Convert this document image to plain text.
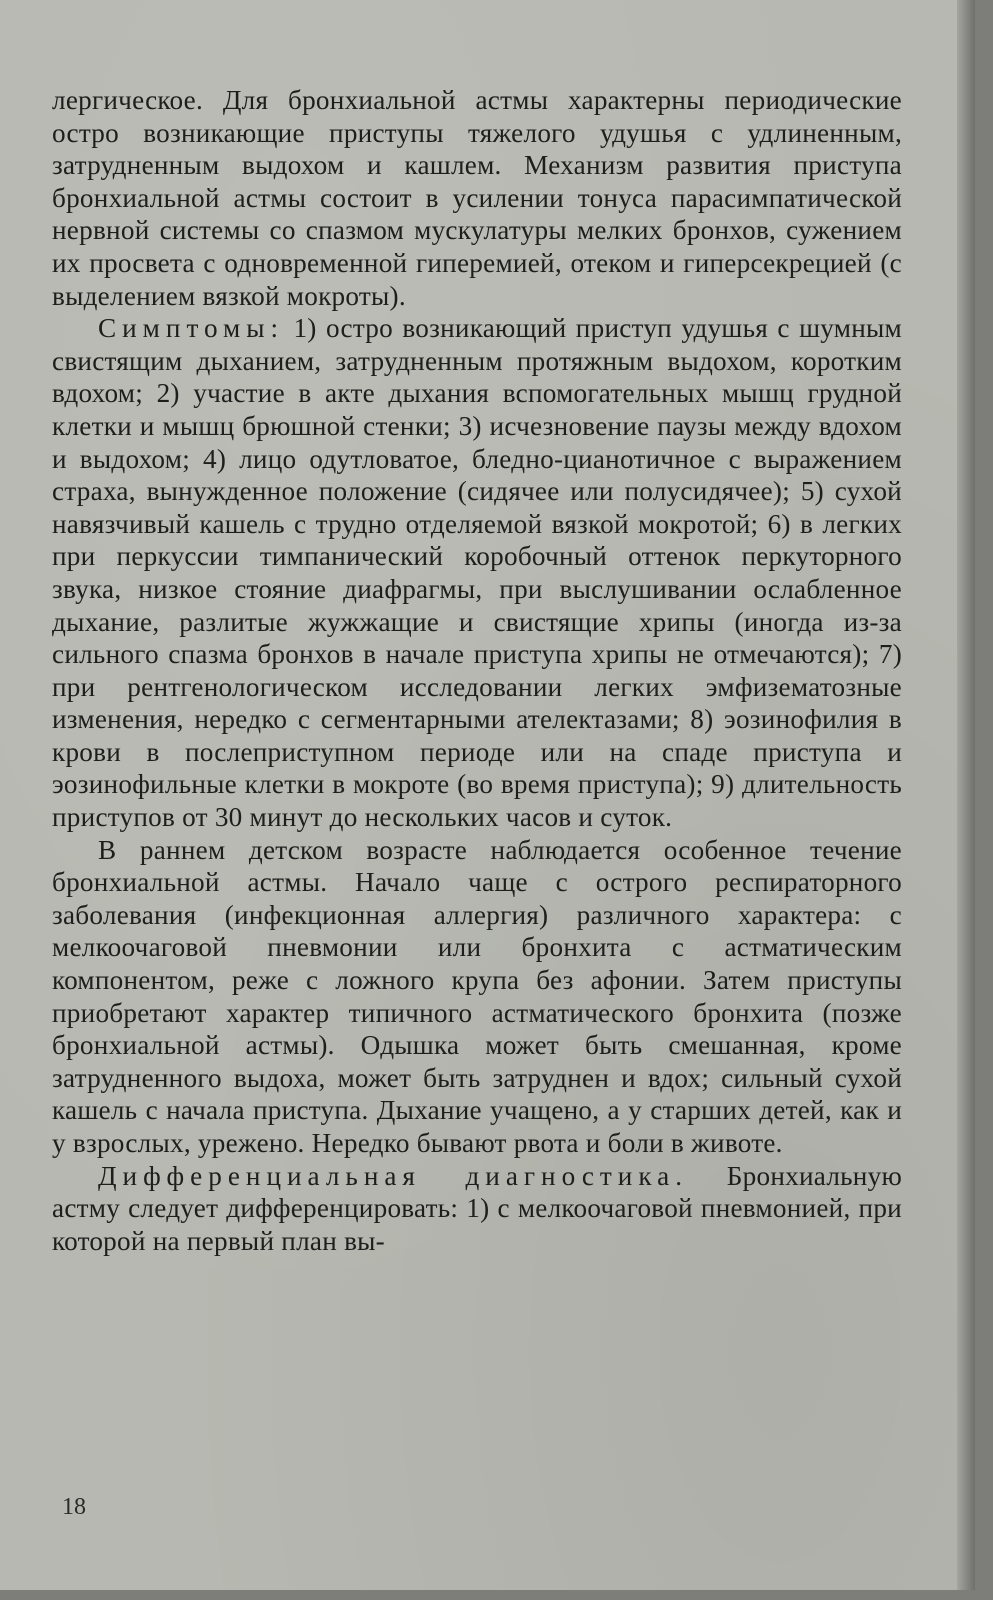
лергическое. Для бронхиальной астмы характерны периодические остро возникающие приступы тяжелого удушья с удлиненным, затрудненным выдохом и кашлем. Механизм развития приступа бронхиальной астмы состоит в усилении тонуса парасимпатической нервной системы со спазмом мускулатуры мелких бронхов, сужением их просвета с одновременной гиперемией, отеком и гиперсекрецией (с выделением вязкой мокроты).

Симптомы: 1) остро возникающий приступ удушья с шумным свистящим дыханием, затрудненным протяжным выдохом, коротким вдохом; 2) участие в акте дыхания вспомогательных мышц грудной клетки и мышц брюшной стенки; 3) исчезновение паузы между вдохом и выдохом; 4) лицо одутловатое, бледно-цианотичное с выражением страха, вынужденное положение (сидячее или полусидячее); 5) сухой навязчивый кашель с трудно отделяемой вязкой мокротой; 6) в легких при перкуссии тимпанический коробочный оттенок перкуторного звука, низкое стояние диафрагмы, при выслушивании ослабленное дыхание, разлитые жужжащие и свистящие хрипы (иногда из-за сильного спазма бронхов в начале приступа хрипы не отмечаются); 7) при рентгенологическом исследовании легких эмфизематозные изменения, нередко с сегментарными ателектазами; 8) эозинофилия в крови в послеприступном периоде или на спаде приступа и эозинофильные клетки в мокроте (во время приступа); 9) длительность приступов от 30 минут до нескольких часов и суток.

В раннем детском возрасте наблюдается особенное течение бронхиальной астмы. Начало чаще с острого респираторного заболевания (инфекционная аллергия) различного характера: с мелкоочаговой пневмонии или бронхита с астматическим компонентом, реже с ложного крупа без афонии. Затем приступы приобретают характер типичного астматического бронхита (позже бронхиальной астмы). Одышка может быть смешанная, кроме затрудненного выдоха, может быть затруднен и вдох; сильный сухой кашель с начала приступа. Дыхание учащено, а у старших детей, как и у взрослых, урежено. Нередко бывают рвота и боли в животе.

Дифференциальная диагностика. Бронхиальную астму следует дифференцировать: 1) с мелкоочаговой пневмонией, при которой на первый план вы-

18
